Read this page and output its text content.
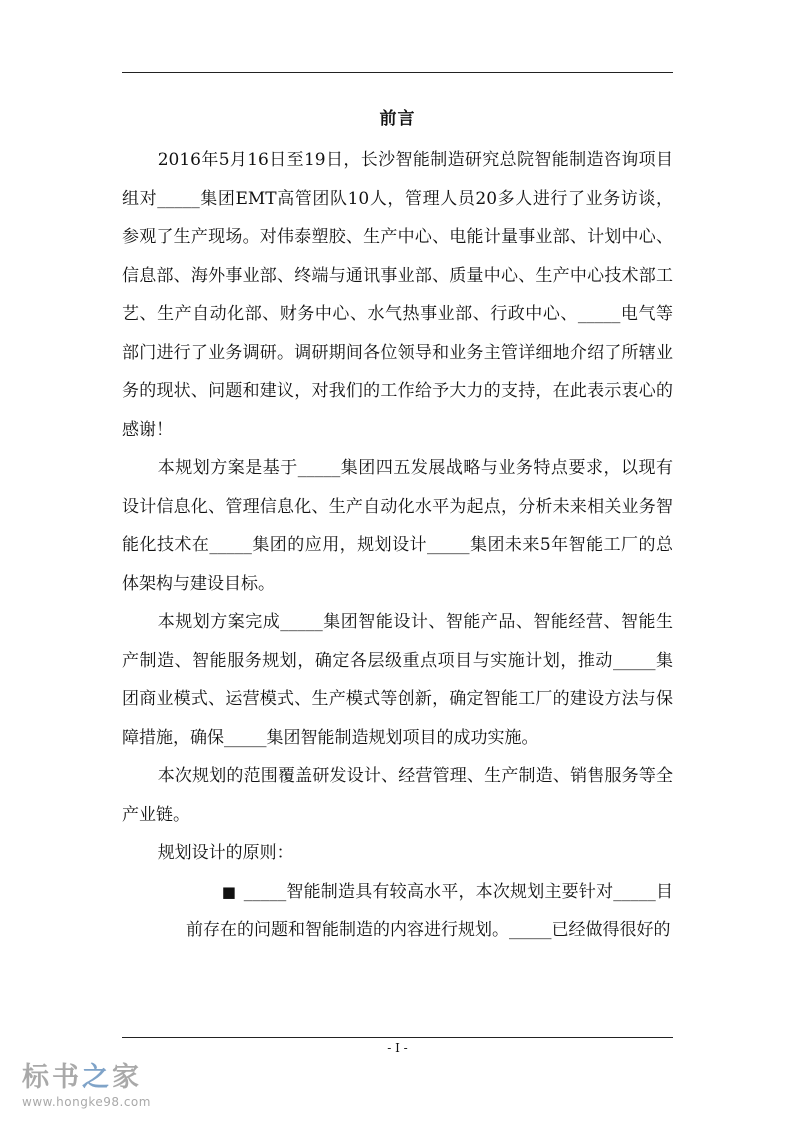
前言

2016年5月16日至19日，长沙智能制造研究总院智能制造咨询项目组对_____集团EMT高管团队10人，管理人员20多人进行了业务访谈，参观了生产现场。对伟泰塑胶、生产中心、电能计量事业部、计划中心、信息部、海外事业部、终端与通讯事业部、质量中心、生产中心技术部工艺、生产自动化部、财务中心、水气热事业部、行政中心、_____电气等部门进行了业务调研。调研期间各位领导和业务主管详细地介绍了所辖业务的现状、问题和建议，对我们的工作给予大力的支持，在此表示衷心的感谢！

本规划方案是基于_____集团四五发展战略与业务特点要求，以现有设计信息化、管理信息化、生产自动化水平为起点，分析未来相关业务智能化技术在_____集团的应用，规划设计_____集团未来5年智能工厂的总体架构与建设目标。

本规划方案完成_____集团智能设计、智能产品、智能经营、智能生产制造、智能服务规划，确定各层级重点项目与实施计划，推动_____集团商业模式、运营模式、生产模式等创新，确定智能工厂的建设方法与保障措施，确保_____集团智能制造规划项目的成功实施。

本次规划的范围覆盖研发设计、经营管理、生产制造、销售服务等全产业链。

规划设计的原则：

■ _____智能制造具有较高水平，本次规划主要针对_____目前存在的问题和智能制造的内容进行规划。_____已经做得很好的

- I -
标书之家
www.hongke98.com
